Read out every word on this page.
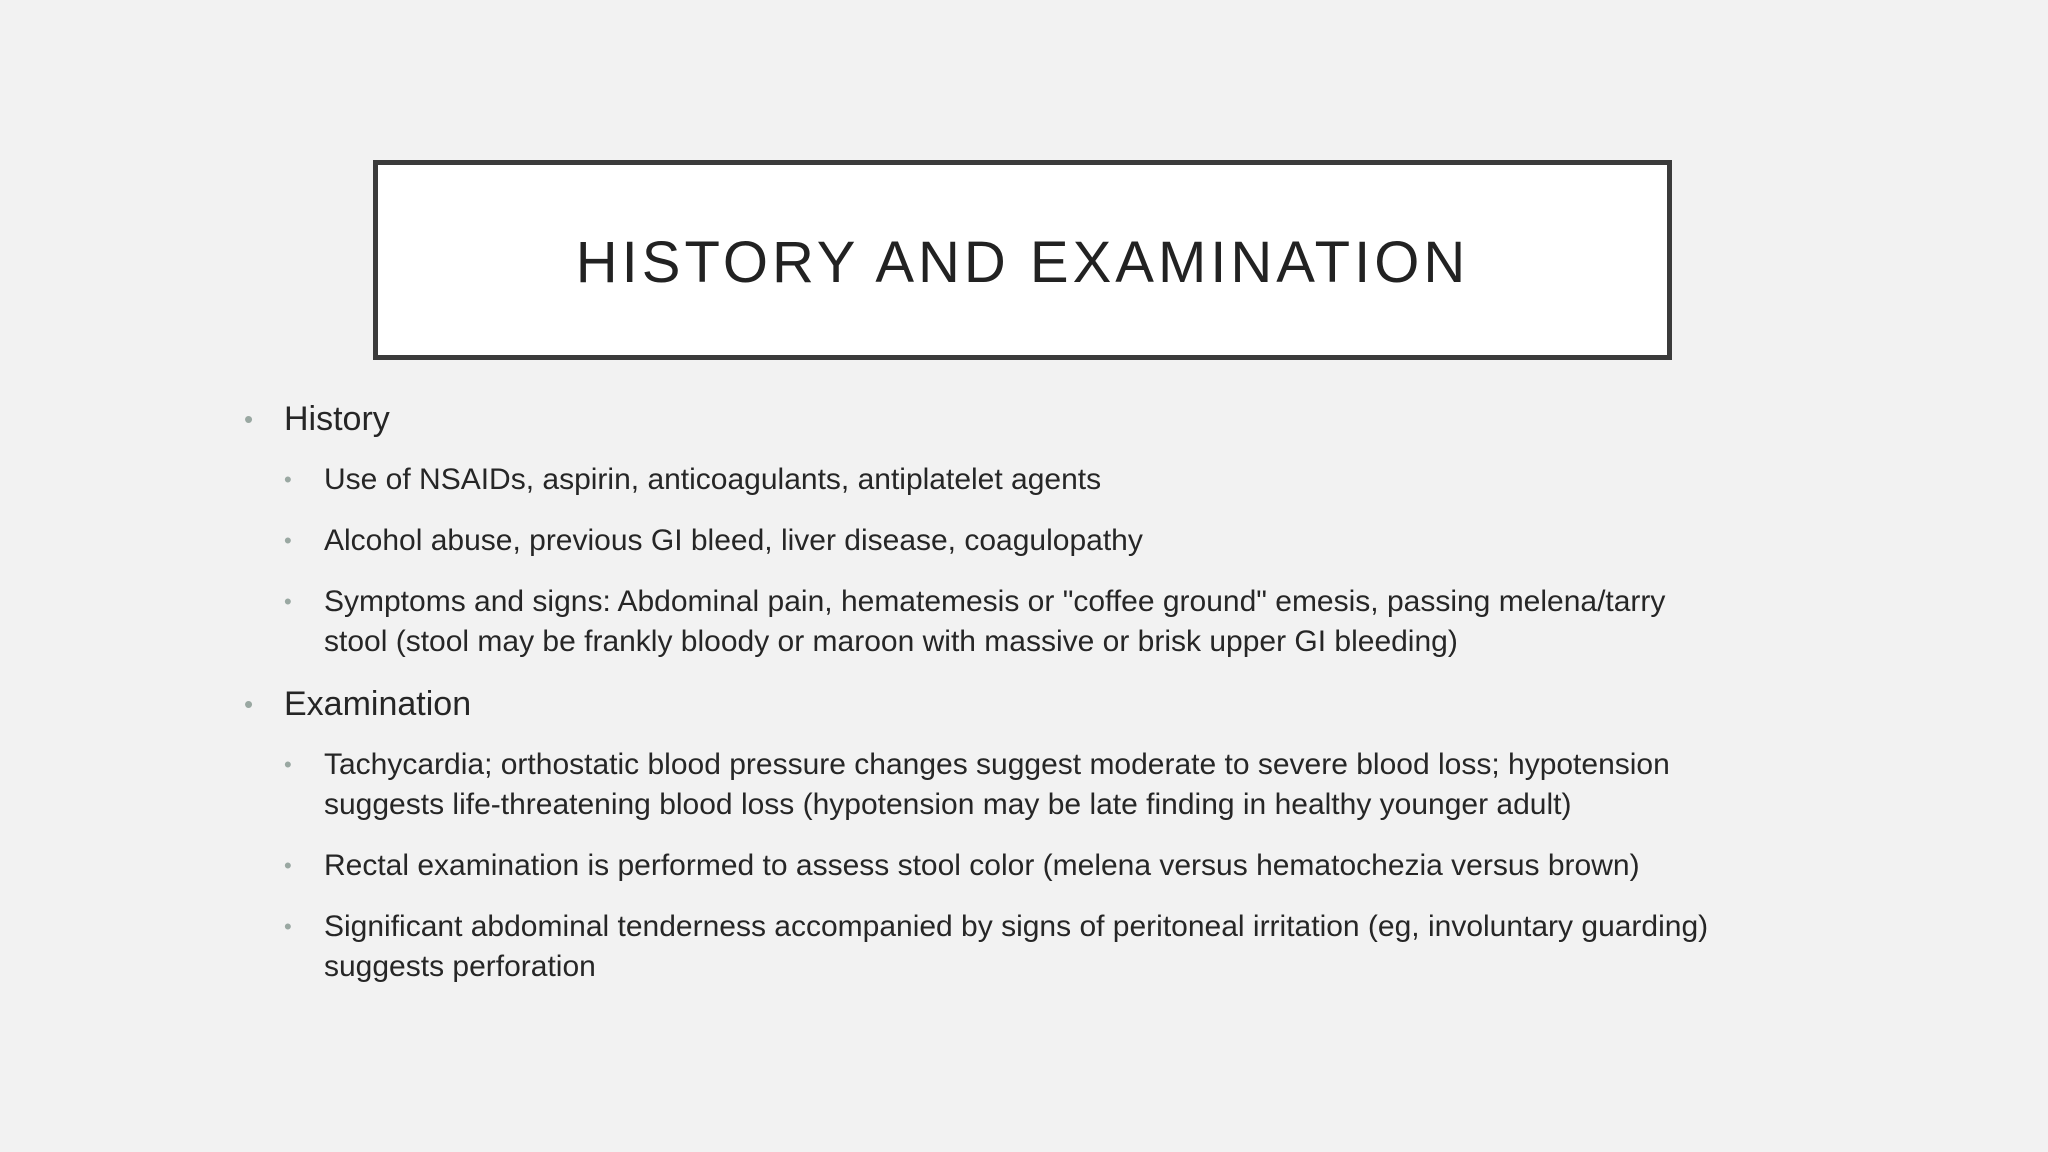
HISTORY AND EXAMINATION
• History
• Use of NSAIDs, aspirin, anticoagulants, antiplatelet agents
• Alcohol abuse, previous GI bleed, liver disease, coagulopathy
• Symptoms and signs: Abdominal pain, hematemesis or "coffee ground" emesis, passing melena/tarry stool (stool may be frankly bloody or maroon with massive or brisk upper GI bleeding)
• Examination
• Tachycardia; orthostatic blood pressure changes suggest moderate to severe blood loss; hypotension suggests life-threatening blood loss (hypotension may be late finding in healthy younger adult)
• Rectal examination is performed to assess stool color (melena versus hematochezia versus brown)
• Significant abdominal tenderness accompanied by signs of peritoneal irritation (eg, involuntary guarding) suggests perforation
